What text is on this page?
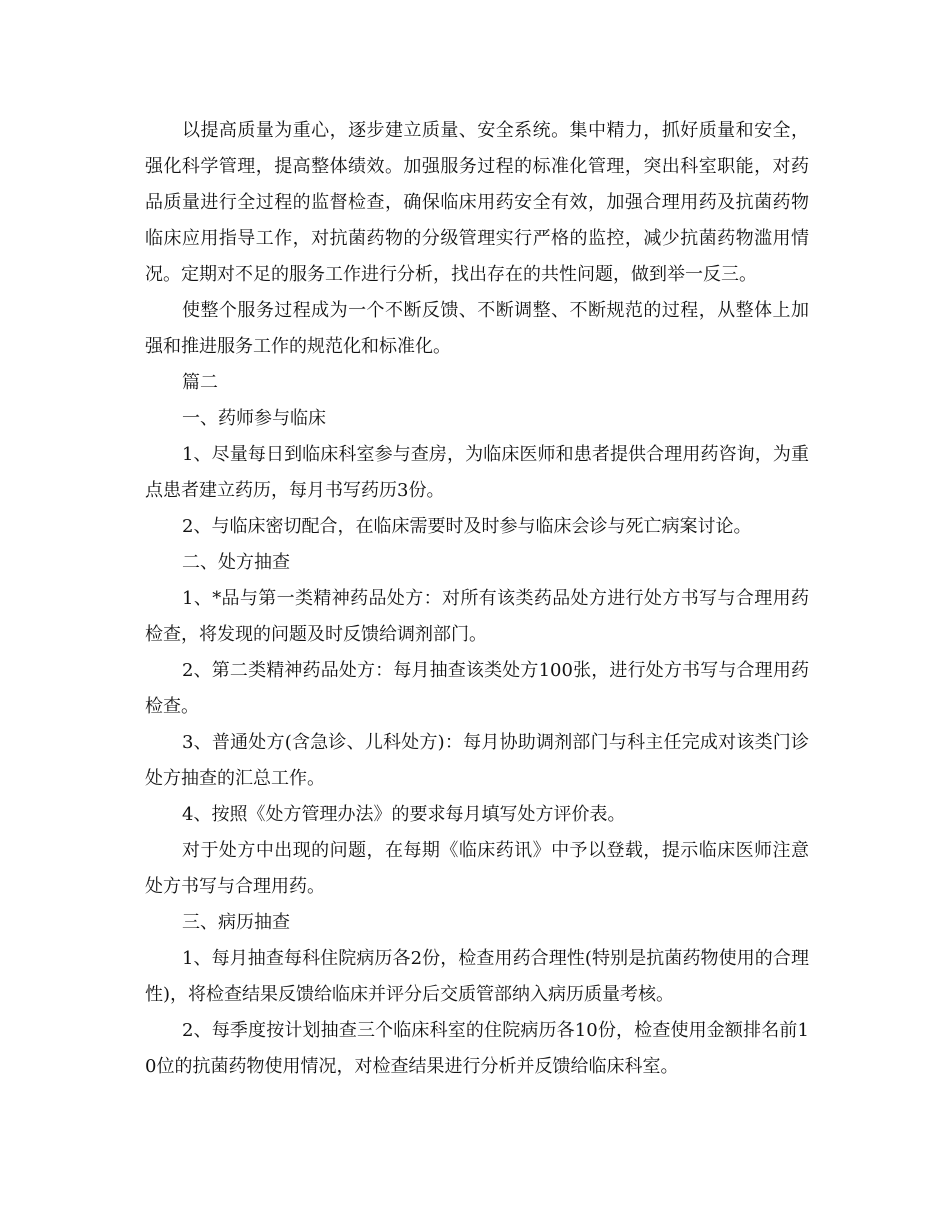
以提高质量为重心，逐步建立质量、安全系统。集中精力，抓好质量和安全，强化科学管理，提高整体绩效。加强服务过程的标准化管理，突出科室职能，对药品质量进行全过程的监督检查，确保临床用药安全有效，加强合理用药及抗菌药物临床应用指导工作，对抗菌药物的分级管理实行严格的监控，减少抗菌药物滥用情况。定期对不足的服务工作进行分析，找出存在的共性问题，做到举一反三。

使整个服务过程成为一个不断反馈、不断调整、不断规范的过程，从整体上加强和推进服务工作的规范化和标准化。

篇二

一、药师参与临床

1、尽量每日到临床科室参与查房，为临床医师和患者提供合理用药咨询，为重点患者建立药历，每月书写药历3份。

2、与临床密切配合，在临床需要时及时参与临床会诊与死亡病案讨论。

二、处方抽查

1、*品与第一类精神药品处方：对所有该类药品处方进行处方书写与合理用药检查，将发现的问题及时反馈给调剂部门。

2、第二类精神药品处方：每月抽查该类处方100张，进行处方书写与合理用药检查。

3、普通处方(含急诊、儿科处方)：每月协助调剂部门与科主任完成对该类门诊处方抽查的汇总工作。

4、按照《处方管理办法》的要求每月填写处方评价表。

对于处方中出现的问题，在每期《临床药讯》中予以登载，提示临床医师注意处方书写与合理用药。

三、病历抽查

1、每月抽查每科住院病历各2份，检查用药合理性(特别是抗菌药物使用的合理性)，将检查结果反馈给临床并评分后交质管部纳入病历质量考核。

2、每季度按计划抽查三个临床科室的住院病历各10份，检查使用金额排名前10位的抗菌药物使用情况，对检查结果进行分析并反馈给临床科室。
